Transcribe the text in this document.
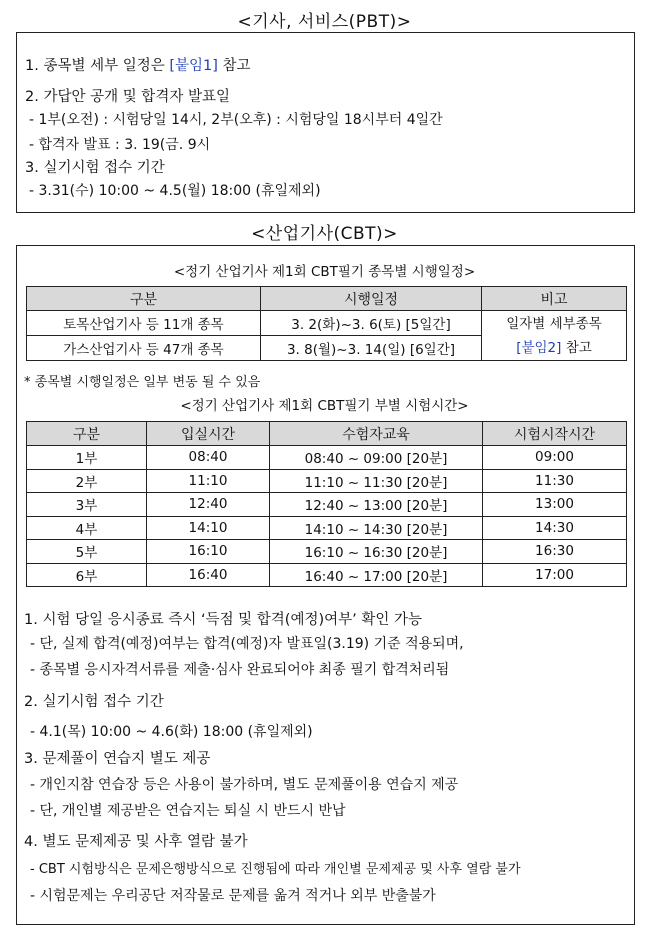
<기사, 서비스(PBT)>
1. 종목별 세부 일정은 [붙임1] 참고
2. 가답안 공개 및 합격자 발표일
- 1부(오전) : 시험당일 14시, 2부(오후) : 시험당일 18시부터 4일간
- 합격자 발표 : 3. 19(금. 9시
3. 실기시험 접수 기간
- 3.31(수) 10:00 ~ 4.5(월) 18:00 (휴일제외)
<산업기사(CBT)>
<정기 산업기사 제1회 CBT필기 종목별 시행일정>
구분	시행일정	비고
토목산업기사 등 11개 종목	3. 2(화)~3. 6(토) [5일간]	일자별 세부종목
[붙임2] 참고

가스산업기사 등 47개 종목	3. 8(월)~3. 14(일) [6일간]	
* 종목별 시행일정은 일부 변동 될 수 있음
<정기 산업기사 제1회 CBT필기 부별 시험시간>
구분	입실시간	수험자교육	시험시작시간
1부	08:40	08:40 ~ 09:00 [20분]	09:00
2부	11:10	11:10 ~ 11:30 [20분]	11:30
3부	12:40	12:40 ~ 13:00 [20분]	13:00
4부	14:10	14:10 ~ 14:30 [20분]	14:30
5부	16:10	16:10 ~ 16:30 [20분]	16:30
6부	16:40	16:40 ~ 17:00 [20분]	17:00
1. 시험 당일 응시종료 즉시 ‘득점 및 합격(예정)여부’ 확인 가능
- 단, 실제 합격(예정)여부는 합격(예정)자 발표일(3.19) 기준 적용되며,
- 종목별 응시자격서류를 제출·심사 완료되어야 최종 필기 합격처리됨
2. 실기시험 접수 기간
- 4.1(목) 10:00 ~ 4.6(화) 18:00 (휴일제외)
3. 문제풀이 연습지 별도 제공
- 개인지참 연습장 등은 사용이 불가하며, 별도 문제풀이용 연습지 제공
- 단, 개인별 제공받은 연습지는 퇴실 시 반드시 반납
4. 별도 문제제공 및 사후 열람 불가
- CBT 시험방식은 문제은행방식으로 진행됨에 따라 개인별 문제제공 및 사후 열람 불가
- 시험문제는 우리공단 저작물로 문제를 옮겨 적거나 외부 반출불가
